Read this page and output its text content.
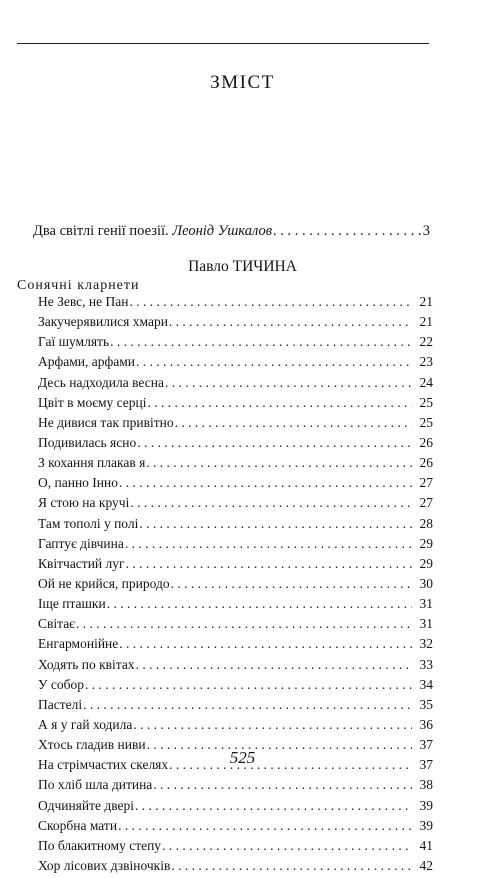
ЗМІСТ
Два світлі генії поезії.
Леонід Ушкалов . . .	3
Павло ТИЧИНА
Сонячні кларнети
Не Зевс, не Пан . . .	21
Закучерявилися хмари . . .	21
Гаї шумлять . . .	22
Арфами, арфами . . .	23
Десь надходила весна . . .	24
Цвіт в моєму серці . . .	25
Не дивися так привітно . . .	25
Подивилась ясно . . .	26
З кохання плакав я . . .	26
О, панно Інно . . .	27
Я стою на кручі . . .	27
Там тополі у полі . . .	28
Гаптує дівчина . . .	29
Квітчастий луг . . .	29
Ой не крийся, природо . . .	30
Іще пташки . . .	31
Світає . . .	31
Енгармонійне . . .	32
Ходять по квітах . . .	33
У собор . . .	34
Пастелі . . .	35
А я у гай ходила . . .	36
Хтось гладив ниви . . .	37
На стрімчастих скелях . . .	37
По хліб шла дитина . . .	38
Одчиняйте двері . . .	39
Скорбна мати . . .	39
По блакитному степу . . .	41
Хор лісових дзвіночків . . .	42
525
